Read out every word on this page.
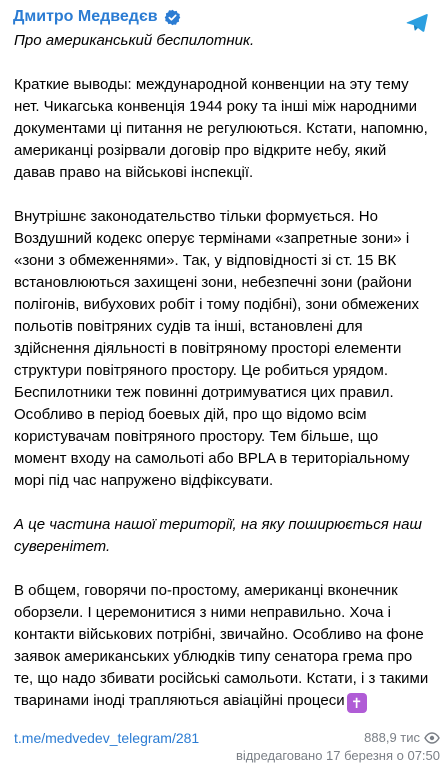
Дмитро Медведєв

Про американський беспилотник.

Краткие выводы: международной конвенции на эту тему нет. Чикагська конвенція 1944 року та інші між народними документами ці питання не регулюються. Кстати, напомню, американці розірвали договір про відкрите небу, який давав право на військові інспекції.

Внутрішнє законодательство тільки формується. Но Воздушний кодекс оперує термінами «запретные зони» і «зони з обмеженнями». Так, у відповідності зі ст. 15 ВК встановлюються захищені зони, небезпечні зони (райони полігонів, вибухових робіт і тому подібні), зони обмежених польотів повітряних судів та інші, встановлені для здійснення діяльності в повітряному просторі елементи структури повітряного простору. Це робиться урядом. Беспилотники теж повинні дотримуватися цих правил. Особливо в період боевых дій, про що відомо всім користувачам повітряного простору. Тем більше, що момент входу на самольоті або BPLA в територіальному морі під час напружено відфіксувати.

А це частина нашої території, на яку поширюється наш суверенітет.

В общем, говорячи по-простому, американці вконечник оборзели. І церемонитися з ними неправильно. Хоча і контакти військових потрібні, звичайно. Особливо на фоне заявок американських ублюдків типу сенатора грема про те, що надо збивати російські самольоти. Кстати, і з такими тваринами іноді трапляються авіаційні процеси ✝

t.me/medvedev_telegram/281	888,9 тис
відредаговано 17 березня о 07:50
